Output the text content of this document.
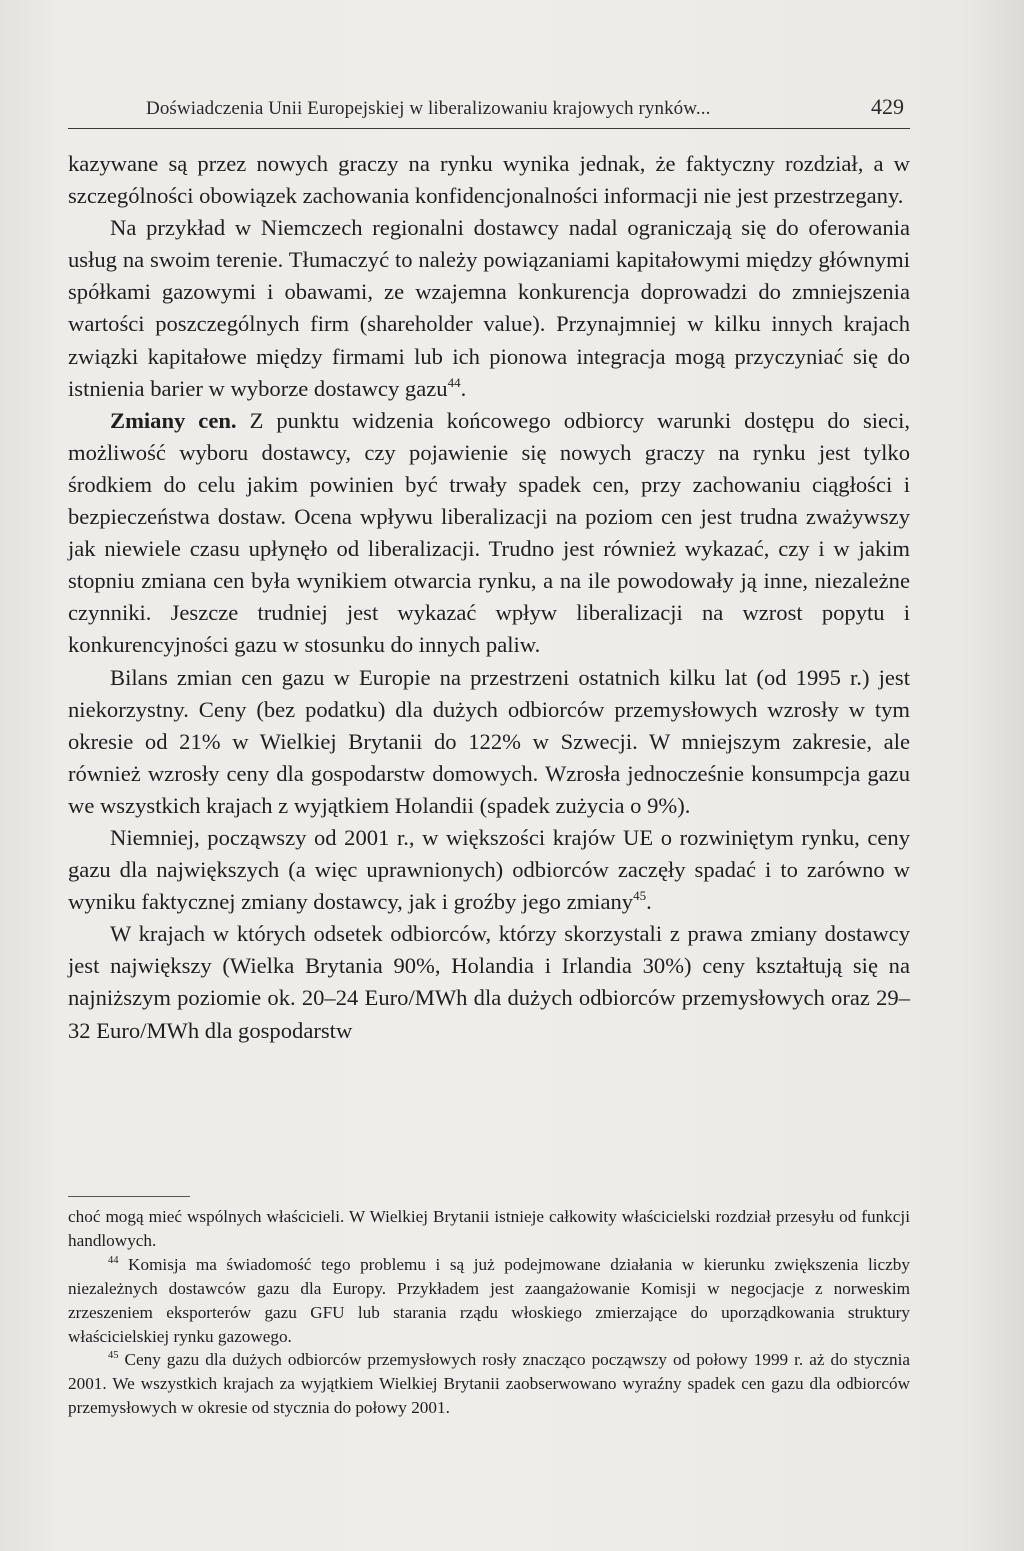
Doświadczenia Unii Europejskiej w liberalizowaniu krajowych rynków...	429

kazywane są przez nowych graczy na rynku wynika jednak, że faktyczny rozdział, a w szczególności obowiązek zachowania konfidencjonalności informacji nie jest przestrzegany.

Na przykład w Niemczech regionalni dostawcy nadal ograniczają się do oferowania usług na swoim terenie. Tłumaczyć to należy powiązaniami kapitałowymi między głównymi spółkami gazowymi i obawami, ze wzajemna konkurencja doprowadzi do zmniejszenia wartości poszczególnych firm (shareholder value). Przynajmniej w kilku innych krajach związki kapitałowe między firmami lub ich pionowa integracja mogą przyczyniać się do istnienia barier w wyborze dostawcy gazu$^{44}$.

Zmiany cen. Z punktu widzenia końcowego odbiorcy warunki dostępu do sieci, możliwość wyboru dostawcy, czy pojawienie się nowych graczy na rynku jest tylko środkiem do celu jakim powinien być trwały spadek cen, przy zachowaniu ciągłości i bezpieczeństwa dostaw. Ocena wpływu liberalizacji na poziom cen jest trudna zważywszy jak niewiele czasu upłynęło od liberalizacji. Trudno jest również wykazać, czy i w jakim stopniu zmiana cen była wynikiem otwarcia rynku, a na ile powodowały ją inne, niezależne czynniki. Jeszcze trudniej jest wykazać wpływ liberalizacji na wzrost popytu i konkurencyjności gazu w stosunku do innych paliw.

Bilans zmian cen gazu w Europie na przestrzeni ostatnich kilku lat (od 1995 r.) jest niekorzystny. Ceny (bez podatku) dla dużych odbiorców przemysłowych wzrosły w tym okresie od 21% w Wielkiej Brytanii do 122% w Szwecji. W mniejszym zakresie, ale również wzrosły ceny dla gospodarstw domowych. Wzrosła jednocześnie konsumpcja gazu we wszystkich krajach z wyjątkiem Holandii (spadek zużycia o 9%).

Niemniej, począwszy od 2001 r., w większości krajów UE o rozwiniętym rynku, ceny gazu dla największych (a więc uprawnionych) odbiorców zaczęły spadać i to zarówno w wyniku faktycznej zmiany dostawcy, jak i groźby jego zmiany$^{45}$.

W krajach w których odsetek odbiorców, którzy skorzystali z prawa zmiany dostawcy jest największy (Wielka Brytania 90%, Holandia i Irlandia 30%) ceny kształtują się na najniższym poziomie ok. 20–24 Euro/MWh dla dużych odbiorców przemysłowych oraz 29–32 Euro/MWh dla gospodarstw

choć mogą mieć wspólnych właścicieli. W Wielkiej Brytanii istnieje całkowity właścicielski rozdział przesyłu od funkcji handlowych.

$^{44}$ Komisja ma świadomość tego problemu i są już podejmowane działania w kierunku zwiększenia liczby niezależnych dostawców gazu dla Europy. Przykładem jest zaangażowanie Komisji w negocjacje z norweskim zrzeszeniem eksporterów gazu GFU lub starania rządu włoskiego zmierzające do uporządkowania struktury właścicielskiej rynku gazowego.

$^{45}$ Ceny gazu dla dużych odbiorców przemysłowych rosły znacząco począwszy od połowy 1999 r. aż do stycznia 2001. We wszystkich krajach za wyjątkiem Wielkiej Brytanii zaobserwowano wyraźny spadek cen gazu dla odbiorców przemysłowych w okresie od stycznia do połowy 2001.
